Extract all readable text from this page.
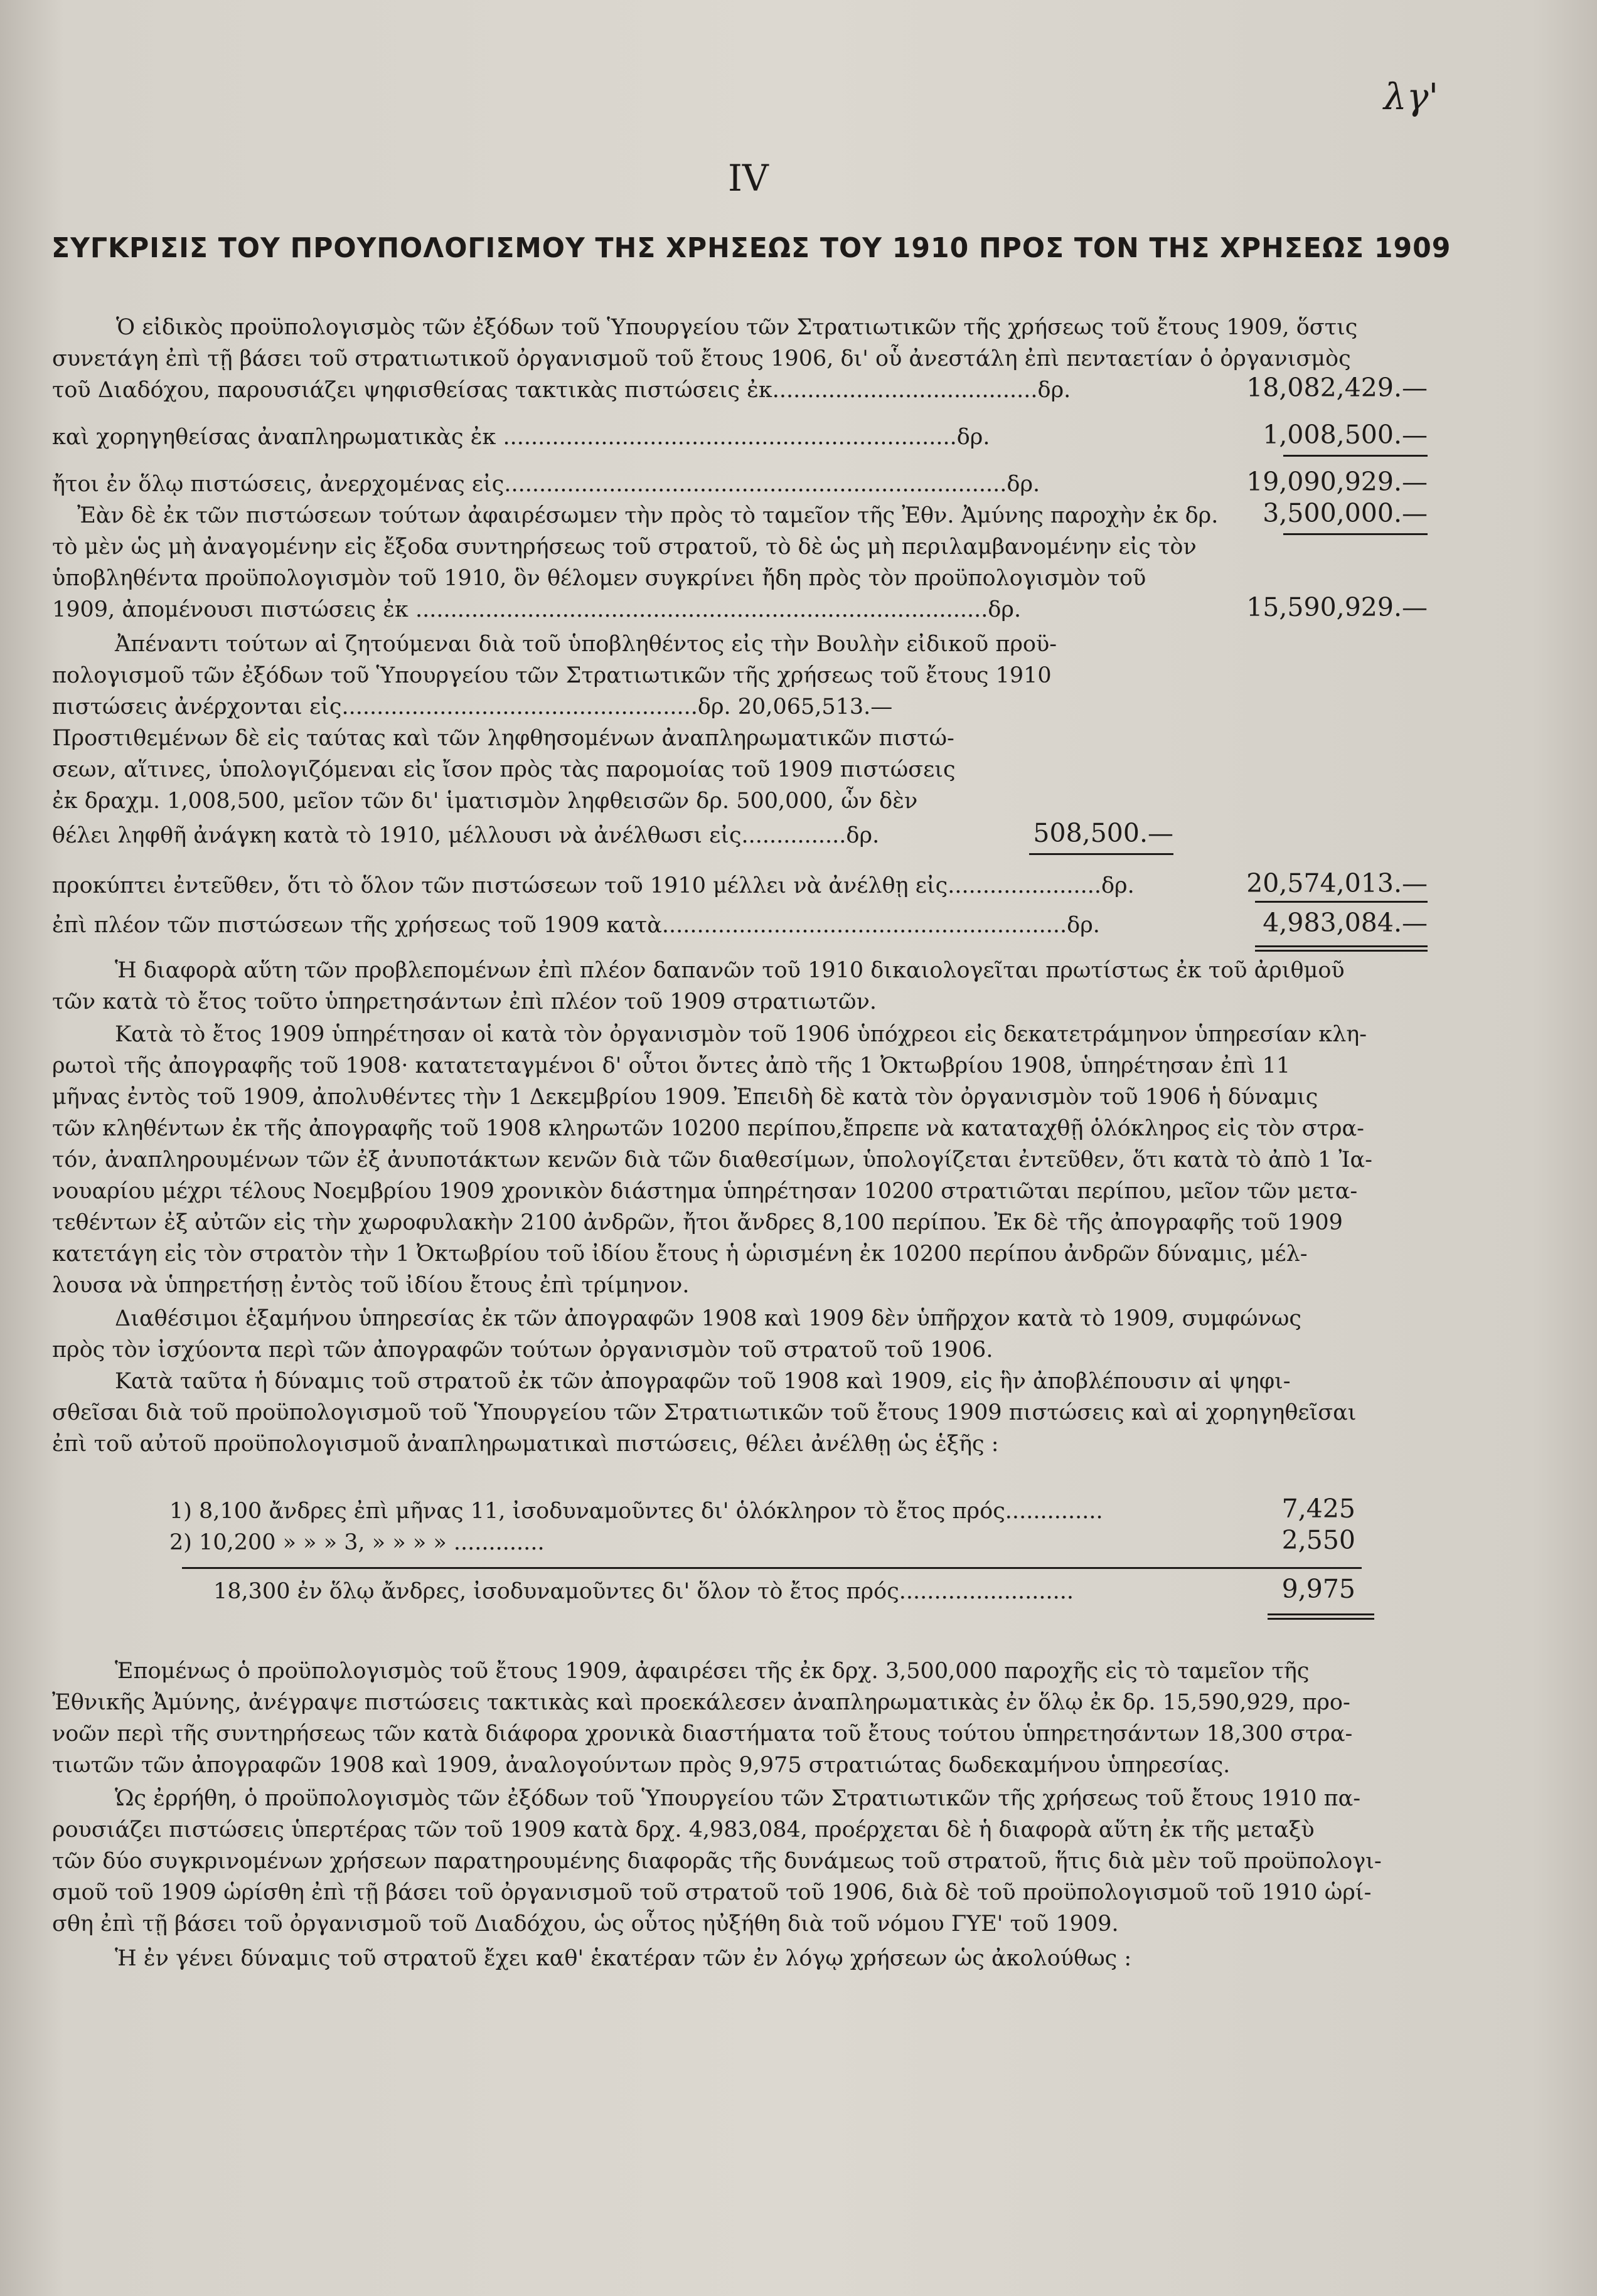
λγ'
IV
ΣΥΓΚΡΙΣΙΣ ΤΟΥ ΠΡΟΥΠΟΛΟΓΙΣΜΟΥ ΤΗΣ ΧΡΗΣΕΩΣ ΤΟΥ 1910 ΠΡΟΣ ΤΟΝ ΤΗΣ ΧΡΗΣΕΩΣ 1909
Ὁ εἰδικὸς προϋπολογισμὸς τῶν ἐξόδων τοῦ Ὑπουργείου τῶν Στρατιωτικῶν τῆς χρήσεως τοῦ ἔτους 1909, ὅστις
συνετάγη ἐπὶ τῇ βάσει τοῦ στρατιωτικοῦ ὀργανισμοῦ τοῦ ἔτους 1906, δι' οὗ ἀνεστάλη ἐπὶ πενταετίαν ὁ ὀργανισμὸς
τοῦ Διαδόχου, παρουσιάζει ψηφισθείσας τακτικὰς πιστώσεις ἐκ......................................δρ.
καὶ χορηγηθείσας ἀναπληρωματικὰς ἐκ .................................................................δρ.
ἤτοι ἐν ὅλῳ πιστώσεις, ἀνερχομένας εἰς........................................................................δρ.
Ἐὰν δὲ ἐκ τῶν πιστώσεων τούτων ἀφαιρέσωμεν τὴν πρὸς τὸ ταμεῖον τῆς Ἐθν. Ἀμύνης παροχὴν ἐκ δρ.
τὸ μὲν ὡς μὴ ἀναγομένην εἰς ἔξοδα συντηρήσεως τοῦ στρατοῦ, τὸ δὲ ὡς μὴ περιλαμβανομένην εἰς τὸν
ὑποβληθέντα προϋπολογισμὸν τοῦ 1910, ὃν θέλομεν συγκρίνει ἤδη πρὸς τὸν προϋπολογισμὸν τοῦ
1909, ἀπομένουσι πιστώσεις ἐκ ..................................................................................δρ.
Ἀπέναντι τούτων αἱ ζητούμεναι διὰ τοῦ ὑποβληθέντος εἰς τὴν Βουλὴν εἰδικοῦ προϋ-
πολογισμοῦ τῶν ἐξόδων τοῦ Ὑπουργείου τῶν Στρατιωτικῶν τῆς χρήσεως τοῦ ἔτους 1910
πιστώσεις ἀνέρχονται εἰς...................................................δρ. 20,065,513.—
Προστιθεμένων δὲ εἰς ταύτας καὶ τῶν ληφθησομένων ἀναπληρωματικῶν πιστώ-
σεων, αἵτινες, ὑπολογιζόμεναι εἰς ἴσον πρὸς τὰς παρομοίας τοῦ 1909 πιστώσεις
ἐκ δραχμ. 1,008,500, μεῖον τῶν δι' ἱματισμὸν ληφθεισῶν δρ. 500,000, ὧν δὲν
θέλει ληφθῆ ἀνάγκη κατὰ τὸ 1910, μέλλουσι νὰ ἀνέλθωσι εἰς...............δρ.
προκύπτει ἐντεῦθεν, ὅτι τὸ ὅλον τῶν πιστώσεων τοῦ 1910 μέλλει νὰ ἀνέλθῃ εἰς......................δρ.
ἐπὶ πλέον τῶν πιστώσεων τῆς χρήσεως τοῦ 1909 κατὰ..........................................................δρ.
Ἡ διαφορὰ αὕτη τῶν προβλεπομένων ἐπὶ πλέον δαπανῶν τοῦ 1910 δικαιολογεῖται πρωτίστως ἐκ τοῦ ἀριθμοῦ
τῶν κατὰ τὸ ἔτος τοῦτο ὑπηρετησάντων ἐπὶ πλέον τοῦ 1909 στρατιωτῶν.
Κατὰ τὸ ἔτος 1909 ὑπηρέτησαν οἱ κατὰ τὸν ὀργανισμὸν τοῦ 1906 ὑπόχρεοι εἰς δεκατετράμηνον ὑπηρεσίαν κλη-
ρωτοὶ τῆς ἀπογραφῆς τοῦ 1908· κατατεταγμένοι δ' οὗτοι ὄντες ἀπὸ τῆς 1 Ὀκτωβρίου 1908, ὑπηρέτησαν ἐπὶ 11
μῆνας ἐντὸς τοῦ 1909, ἀπολυθέντες τὴν 1 Δεκεμβρίου 1909. Ἐπειδὴ δὲ κατὰ τὸν ὀργανισμὸν τοῦ 1906 ἡ δύναμις
τῶν κληθέντων ἐκ τῆς ἀπογραφῆς τοῦ 1908 κληρωτῶν 10200 περίπου,ἔπρεπε νὰ καταταχθῇ ὁλόκληρος εἰς τὸν στρα-
τόν, ἀναπληρουμένων τῶν ἐξ ἀνυποτάκτων κενῶν διὰ τῶν διαθεσίμων, ὑπολογίζεται ἐντεῦθεν, ὅτι κατὰ τὸ ἀπὸ 1 Ἰα-
νουαρίου μέχρι τέλους Νοεμβρίου 1909 χρονικὸν διάστημα ὑπηρέτησαν 10200 στρατιῶται περίπου, μεῖον τῶν μετα-
τεθέντων ἐξ αὐτῶν εἰς τὴν χωροφυλακὴν 2100 ἀνδρῶν, ἤτοι ἄνδρες 8,100 περίπου. Ἐκ δὲ τῆς ἀπογραφῆς τοῦ 1909
κατετάγη εἰς τὸν στρατὸν τὴν 1 Ὀκτωβρίου τοῦ ἰδίου ἔτους ἡ ὡρισμένη ἐκ 10200 περίπου ἀνδρῶν δύναμις, μέλ-
λουσα νὰ ὑπηρετήσῃ ἐντὸς τοῦ ἰδίου ἔτους ἐπὶ τρίμηνον.
Διαθέσιμοι ἑξαμήνου ὑπηρεσίας ἐκ τῶν ἀπογραφῶν 1908 καὶ 1909 δὲν ὑπῆρχον κατὰ τὸ 1909, συμφώνως
πρὸς τὸν ἰσχύοντα περὶ τῶν ἀπογραφῶν τούτων ὀργανισμὸν τοῦ στρατοῦ τοῦ 1906.
Κατὰ ταῦτα ἡ δύναμις τοῦ στρατοῦ ἐκ τῶν ἀπογραφῶν τοῦ 1908 καὶ 1909, εἰς ἣν ἀποβλέπουσιν αἱ ψηφι-
σθεῖσαι διὰ τοῦ προϋπολογισμοῦ τοῦ Ὑπουργείου τῶν Στρατιωτικῶν τοῦ ἔτους 1909 πιστώσεις καὶ αἱ χορηγηθεῖσαι
ἐπὶ τοῦ αὐτοῦ προϋπολογισμοῦ ἀναπληρωματικαὶ πιστώσεις, θέλει ἀνέλθῃ ὡς ἑξῆς :
1) 8,100 ἄνδρες ἐπὶ μῆνας 11, ἰσοδυναμοῦντες δι' ὁλόκληρον τὸ ἔτος πρός..............
2) 10,200 » » » 3, » » » » .............
18,300 ἐν ὅλῳ ἄνδρες, ἰσοδυναμοῦντες δι' ὅλον τὸ ἔτος πρός.........................
Ἑπομένως ὁ προϋπολογισμὸς τοῦ ἔτους 1909, ἀφαιρέσει τῆς ἐκ δρχ. 3,500,000 παροχῆς εἰς τὸ ταμεῖον τῆς
Ἐθνικῆς Ἀμύνης, ἀνέγραψε πιστώσεις τακτικὰς καὶ προεκάλεσεν ἀναπληρωματικὰς ἐν ὅλῳ ἐκ δρ. 15,590,929, προ-
νοῶν περὶ τῆς συντηρήσεως τῶν κατὰ διάφορα χρονικὰ διαστήματα τοῦ ἔτους τούτου ὑπηρετησάντων 18,300 στρα-
τιωτῶν τῶν ἀπογραφῶν 1908 καὶ 1909, ἀναλογούντων πρὸς 9,975 στρατιώτας δωδεκαμήνου ὑπηρεσίας.
Ὡς ἐρρήθη, ὁ προϋπολογισμὸς τῶν ἐξόδων τοῦ Ὑπουργείου τῶν Στρατιωτικῶν τῆς χρήσεως τοῦ ἔτους 1910 πα-
ρουσιάζει πιστώσεις ὑπερτέρας τῶν τοῦ 1909 κατὰ δρχ. 4,983,084, προέρχεται δὲ ἡ διαφορὰ αὕτη ἐκ τῆς μεταξὺ
τῶν δύο συγκρινομένων χρήσεων παρατηρουμένης διαφορᾶς τῆς δυνάμεως τοῦ στρατοῦ, ἥτις διὰ μὲν τοῦ προϋπολογι-
σμοῦ τοῦ 1909 ὡρίσθη ἐπὶ τῇ βάσει τοῦ ὀργανισμοῦ τοῦ στρατοῦ τοῦ 1906, διὰ δὲ τοῦ προϋπολογισμοῦ τοῦ 1910 ὡρί-
σθη ἐπὶ τῇ βάσει τοῦ ὀργανισμοῦ τοῦ Διαδόχου, ὡς οὗτος ηὐξήθη διὰ τοῦ νόμου ΓΥΕ' τοῦ 1909.
Ἡ ἐν γένει δύναμις τοῦ στρατοῦ ἔχει καθ' ἑκατέραν τῶν ἐν λόγῳ χρήσεων ὡς ἀκολούθως :
18,082,429.—
1,008,500.—
19,090,929.—
3,500,000.—
15,590,929.—
508,500.—
20,574,013.—
4,983,084.—
7,425
2,550
9,975
